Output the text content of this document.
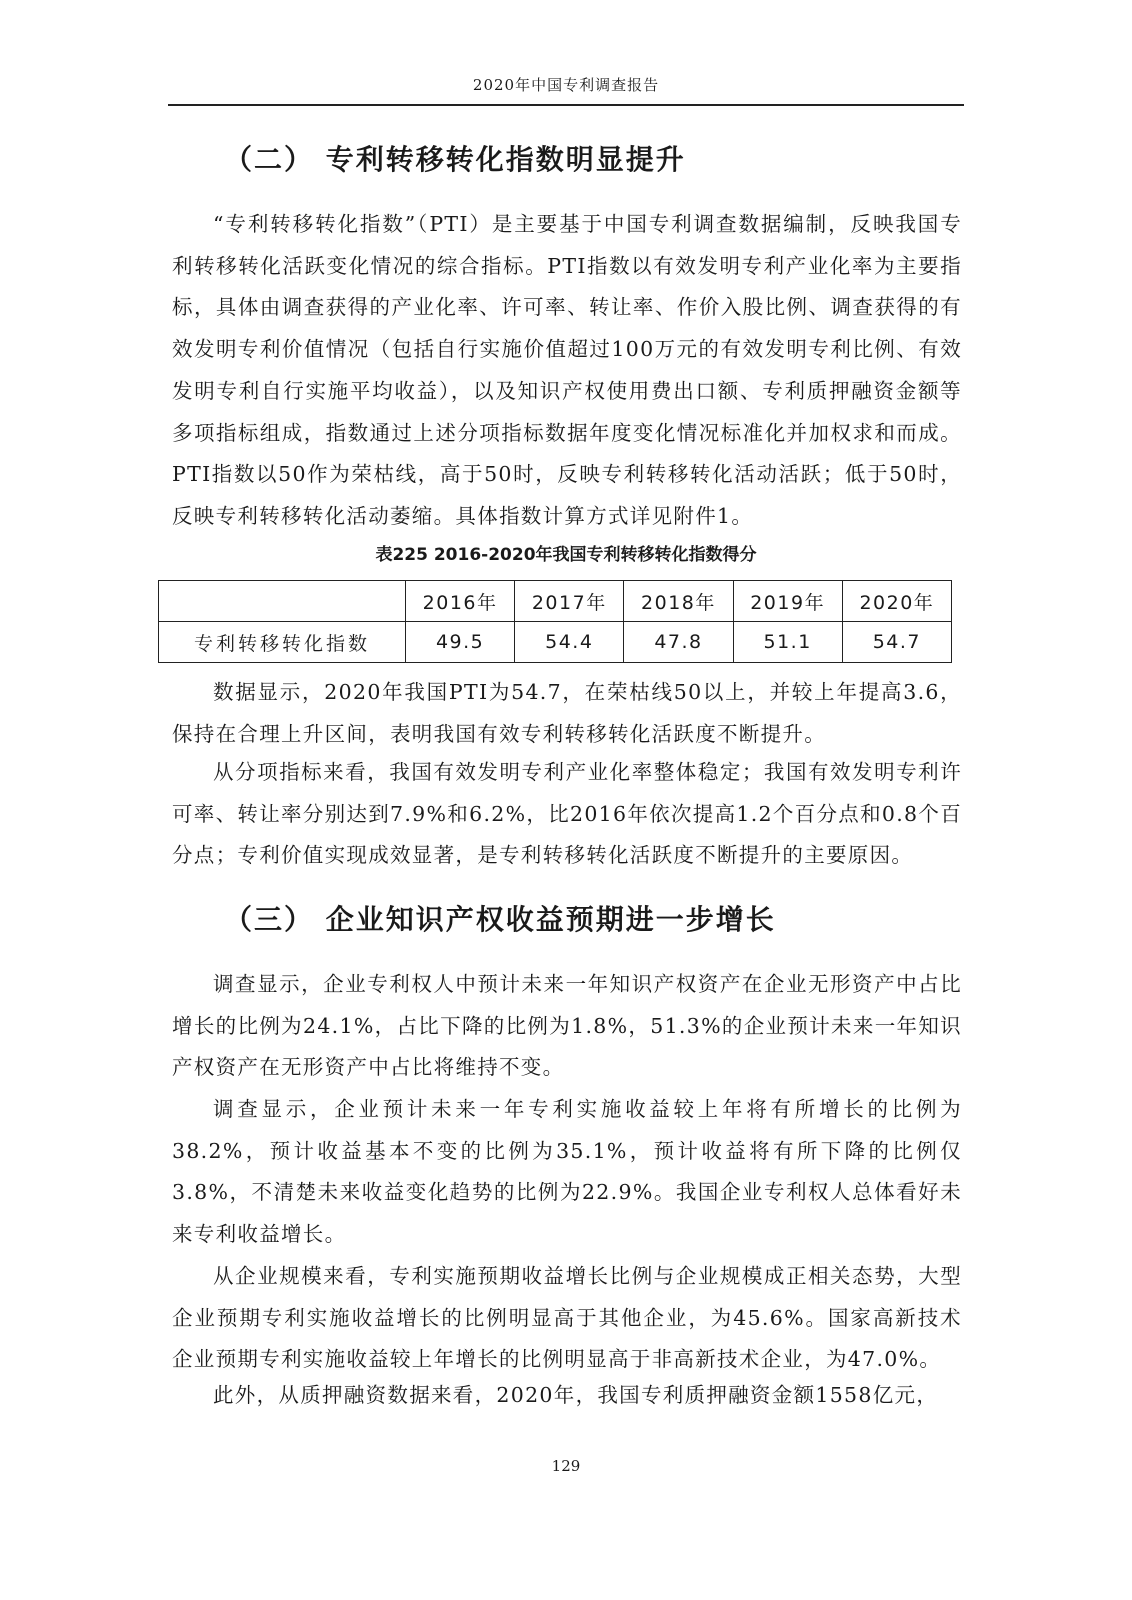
2020年中国专利调查报告
（二） 专利转移转化指数明显提升

“专利转移转化指数”（PTI）是主要基于中国专利调查数据编制，反映我国专利转移转化活跃变化情况的综合指标。PTI指数以有效发明专利产业化率为主要指标，具体由调查获得的产业化率、许可率、转让率、作价入股比例、调查获得的有效发明专利价值情况（包括自行实施价值超过100万元的有效发明专利比例、有效发明专利自行实施平均收益），以及知识产权使用费出口额、专利质押融资金额等多项指标组成，指数通过上述分项指标数据年度变化情况标准化并加权求和而成。PTI指数以50作为荣枯线，高于50时，反映专利转移转化活动活跃；低于50时，反映专利转移转化活动萎缩。具体指数计算方式详见附件1。

表225 2016-2020年我国专利转移转化指数得分
	2016年	2017年	2018年	2019年	2020年
专利转移转化指数	49.5	54.4	47.8	51.1	54.7

数据显示，2020年我国PTI为54.7，在荣枯线50以上，并较上年提高3.6，保持在合理上升区间，表明我国有效专利转移转化活跃度不断提升。

从分项指标来看，我国有效发明专利产业化率整体稳定；我国有效发明专利许可率、转让率分别达到7.9%和6.2%，比2016年依次提高1.2个百分点和0.8个百分点；专利价值实现成效显著，是专利转移转化活跃度不断提升的主要原因。

（三） 企业知识产权收益预期进一步增长

调查显示，企业专利权人中预计未来一年知识产权资产在企业无形资产中占比增长的比例为24.1%，占比下降的比例为1.8%，51.3%的企业预计未来一年知识产权资产在无形资产中占比将维持不变。

调查显示，企业预计未来一年专利实施收益较上年将有所增长的比例为38.2%，预计收益基本不变的比例为35.1%，预计收益将有所下降的比例仅3.8%，不清楚未来收益变化趋势的比例为22.9%。我国企业专利权人总体看好未来专利收益增长。

从企业规模来看，专利实施预期收益增长比例与企业规模成正相关态势，大型企业预期专利实施收益增长的比例明显高于其他企业，为45.6%。国家高新技术企业预期专利实施收益较上年增长的比例明显高于非高新技术企业，为47.0%。

此外，从质押融资数据来看，2020年，我国专利质押融资金额1558亿元，

129
